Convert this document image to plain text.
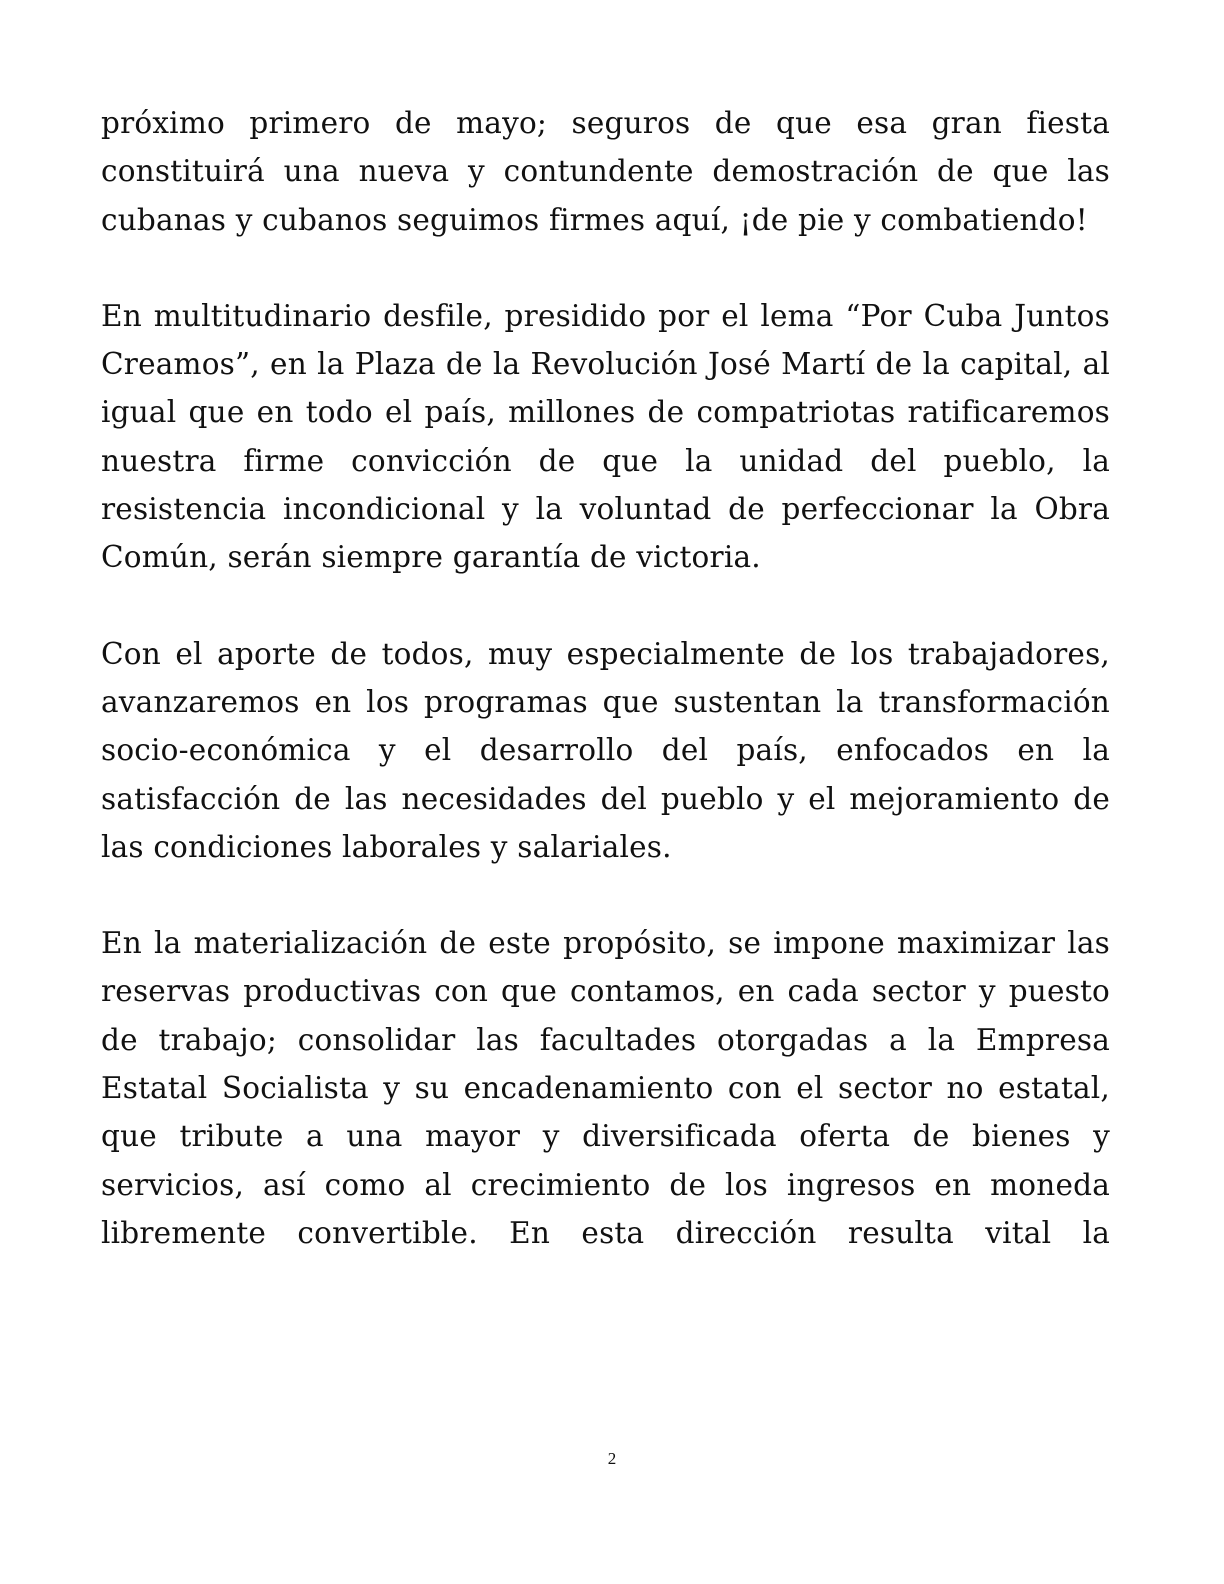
próximo primero de mayo; seguros de que esa gran fiesta constituirá una nueva y contundente demostración de que las cubanas y cubanos seguimos firmes aquí, ¡de pie y combatiendo!

En multitudinario desfile, presidido por el lema “Por Cuba Juntos Creamos”, en la Plaza de la Revolución José Martí de la capital, al igual que en todo el país, millones de compatriotas ratificaremos nuestra firme convicción de que la unidad del pueblo, la resistencia incondicional y la voluntad de perfeccionar la Obra Común, serán siempre garantía de victoria.

Con el aporte de todos, muy especialmente de los trabajadores, avanzaremos en los programas que sustentan la transformación socio-económica y el desarrollo del país, enfocados en la satisfacción de las necesidades del pueblo y el mejoramiento de las condiciones laborales y salariales.

En la materialización de este propósito, se impone maximizar las reservas productivas con que contamos, en cada sector y puesto de trabajo; consolidar las facultades otorgadas a la Empresa Estatal Socialista y su encadenamiento con el sector no estatal, que tribute a una mayor y diversificada oferta de bienes y servicios, así como al crecimiento de los ingresos en moneda libremente convertible. En esta dirección resulta vital la

2
